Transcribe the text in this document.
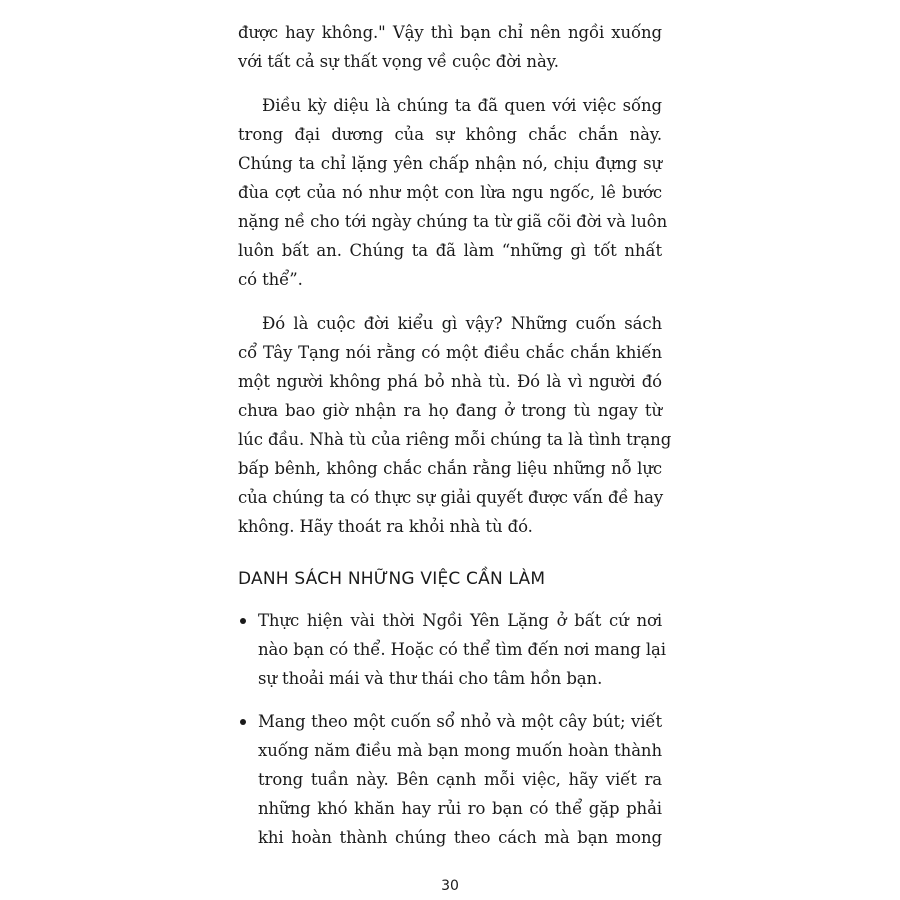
được hay không." Vậy thì bạn chỉ nên ngồi xuống
với tất cả sự thất vọng về cuộc đời này.
Điều kỳ diệu là chúng ta đã quen với việc sống
trong đại dương của sự không chắc chắn này.
Chúng ta chỉ lặng yên chấp nhận nó, chịu đựng sự
đùa cợt của nó như một con lừa ngu ngốc, lê bước
nặng nề cho tới ngày chúng ta từ giã cõi đời và luôn
luôn bất an. Chúng ta đã làm “những gì tốt nhất
có thể”.
Đó là cuộc đời kiểu gì vậy? Những cuốn sách
cổ Tây Tạng nói rằng có một điều chắc chắn khiến
một người không phá bỏ nhà tù. Đó là vì người đó
chưa bao giờ nhận ra họ đang ở trong tù ngay từ
lúc đầu. Nhà tù của riêng mỗi chúng ta là tình trạng
bấp bênh, không chắc chắn rằng liệu những nỗ lực
của chúng ta có thực sự giải quyết được vấn đề hay
không. Hãy thoát ra khỏi nhà tù đó.
DANH SÁCH NHỮNG VIỆC CẦN LÀM
Thực hiện vài thời Ngồi Yên Lặng ở bất cứ nơi
nào bạn có thể. Hoặc có thể tìm đến nơi mang lại
sự thoải mái và thư thái cho tâm hồn bạn.
Mang theo một cuốn sổ nhỏ và một cây bút; viết
xuống năm điều mà bạn mong muốn hoàn thành
trong tuần này. Bên cạnh mỗi việc, hãy viết ra
những khó khăn hay rủi ro bạn có thể gặp phải
khi hoàn thành chúng theo cách mà bạn mong
30
